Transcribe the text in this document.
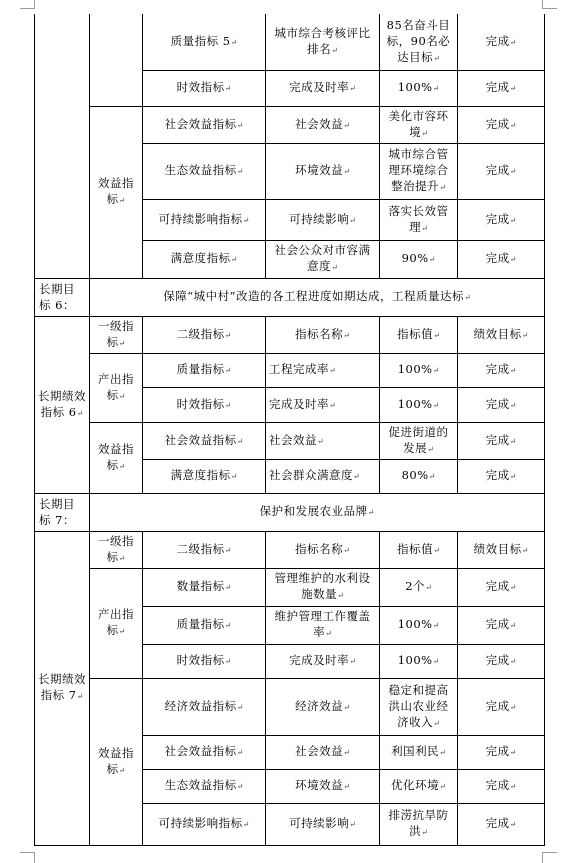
		质量指标 5↵	城市综合考核评比排名↵	85名奋斗目标，90名必达目标↵	完成↵
		时效指标↵	完成及时率↵	100%↵	完成↵
	效益指标↵	社会效益指标↵	社会效益↵	美化市容环境↵	完成↵
		生态效益指标↵	环境效益↵	城市综合管理环境综合整治提升↵	完成↵
		可持续影响指标↵	可持续影响↵	落实长效管理↵	完成↵
		满意度指标↵	社会公众对市容满意度↵	90%↵	完成↵

长期目标 6：	保障“城中村”改造的各工程进度如期达成，工程质量达标↵				
长期绩效指标 6↵	一级指标↵	二级指标↵	指标名称↵	指标值↵	绩效目标↵
	产出指标↵	质量指标↵	工程完成率↵	100%↵	完成↵
		时效指标↵	完成及时率↵	100%↵	完成↵
	效益指标↵	社会效益指标↵	社会效益↵	促进街道的发展↵	完成↵
		满意度指标↵	社会群众满意度↵	80%↵	完成↵
长期目标 7：	保护和发展农业品牌↵				
长期绩效指标 7↵	一级指标↵	二级指标↵	指标名称↵	指标值↵	绩效目标↵
	产出指标↵	数量指标↵	管理维护的水利设施数量↵	2个↵	完成↵
		质量指标↵	维护管理工作覆盖率↵	100%↵	完成↵
		时效指标↵	完成及时率↵	100%↵	完成↵
	效益指标↵	经济效益指标↵	经济效益↵	稳定和提高洪山农业经济收入↵	完成↵
		社会效益指标↵	社会效益↵	利国利民↵	完成↵
		生态效益指标↵	环境效益↵	优化环境↵	完成↵
		可持续影响指标↵	可持续影响↵	排涝抗旱防洪↵	完成↵
